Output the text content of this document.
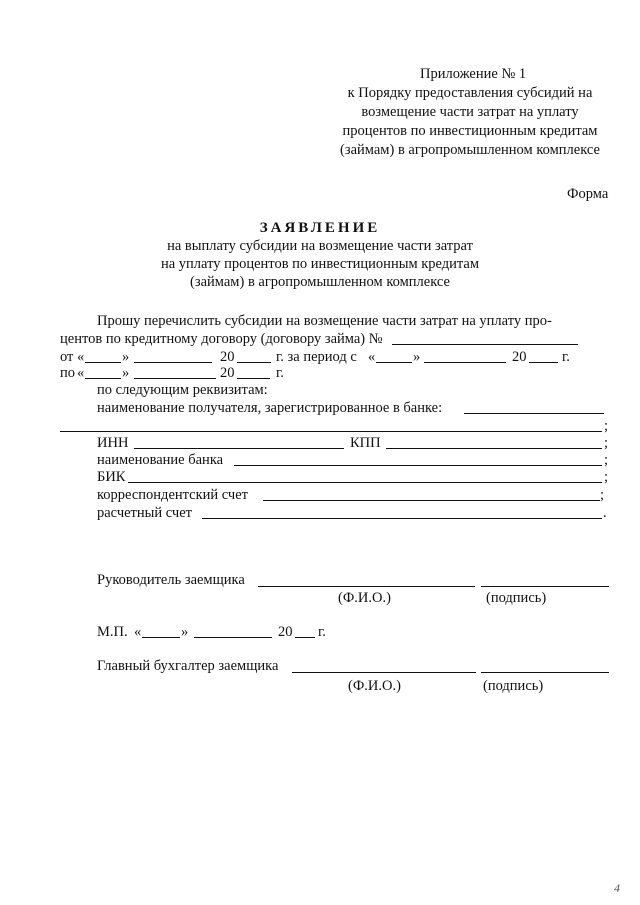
Приложение № 1
к Порядку предоставления субсидий на
возмещение части затрат на уплату
процентов по инвестиционным кредитам
(займам) в агропромышленном комплексе
Форма
ЗАЯВЛЕНИЕ
на выплату субсидии на возмещение части затрат
на уплату процентов по инвестиционным кредитам
(займам) в агропромышленном комплексе
Прошу перечислить субсидии на возмещение части затрат на уплату про-
центов по кредитному договору (договору займа) №
от «	»	20	г. за период с «	»	20 г.
по «	»	20	г.
по следующим реквизитам:
наименование получателя, зарегистрированное в банке:
;
ИНН	КПП	;
наименование банка	;
БИК	;
корреспондентский счет	;
расчетный счет	.
Руководитель заемщика
(Ф.И.О.)	(подпись)
М.П. «	»	20 г.
Главный бухгалтер заемщика
(Ф.И.О.)	(подпись)
4
